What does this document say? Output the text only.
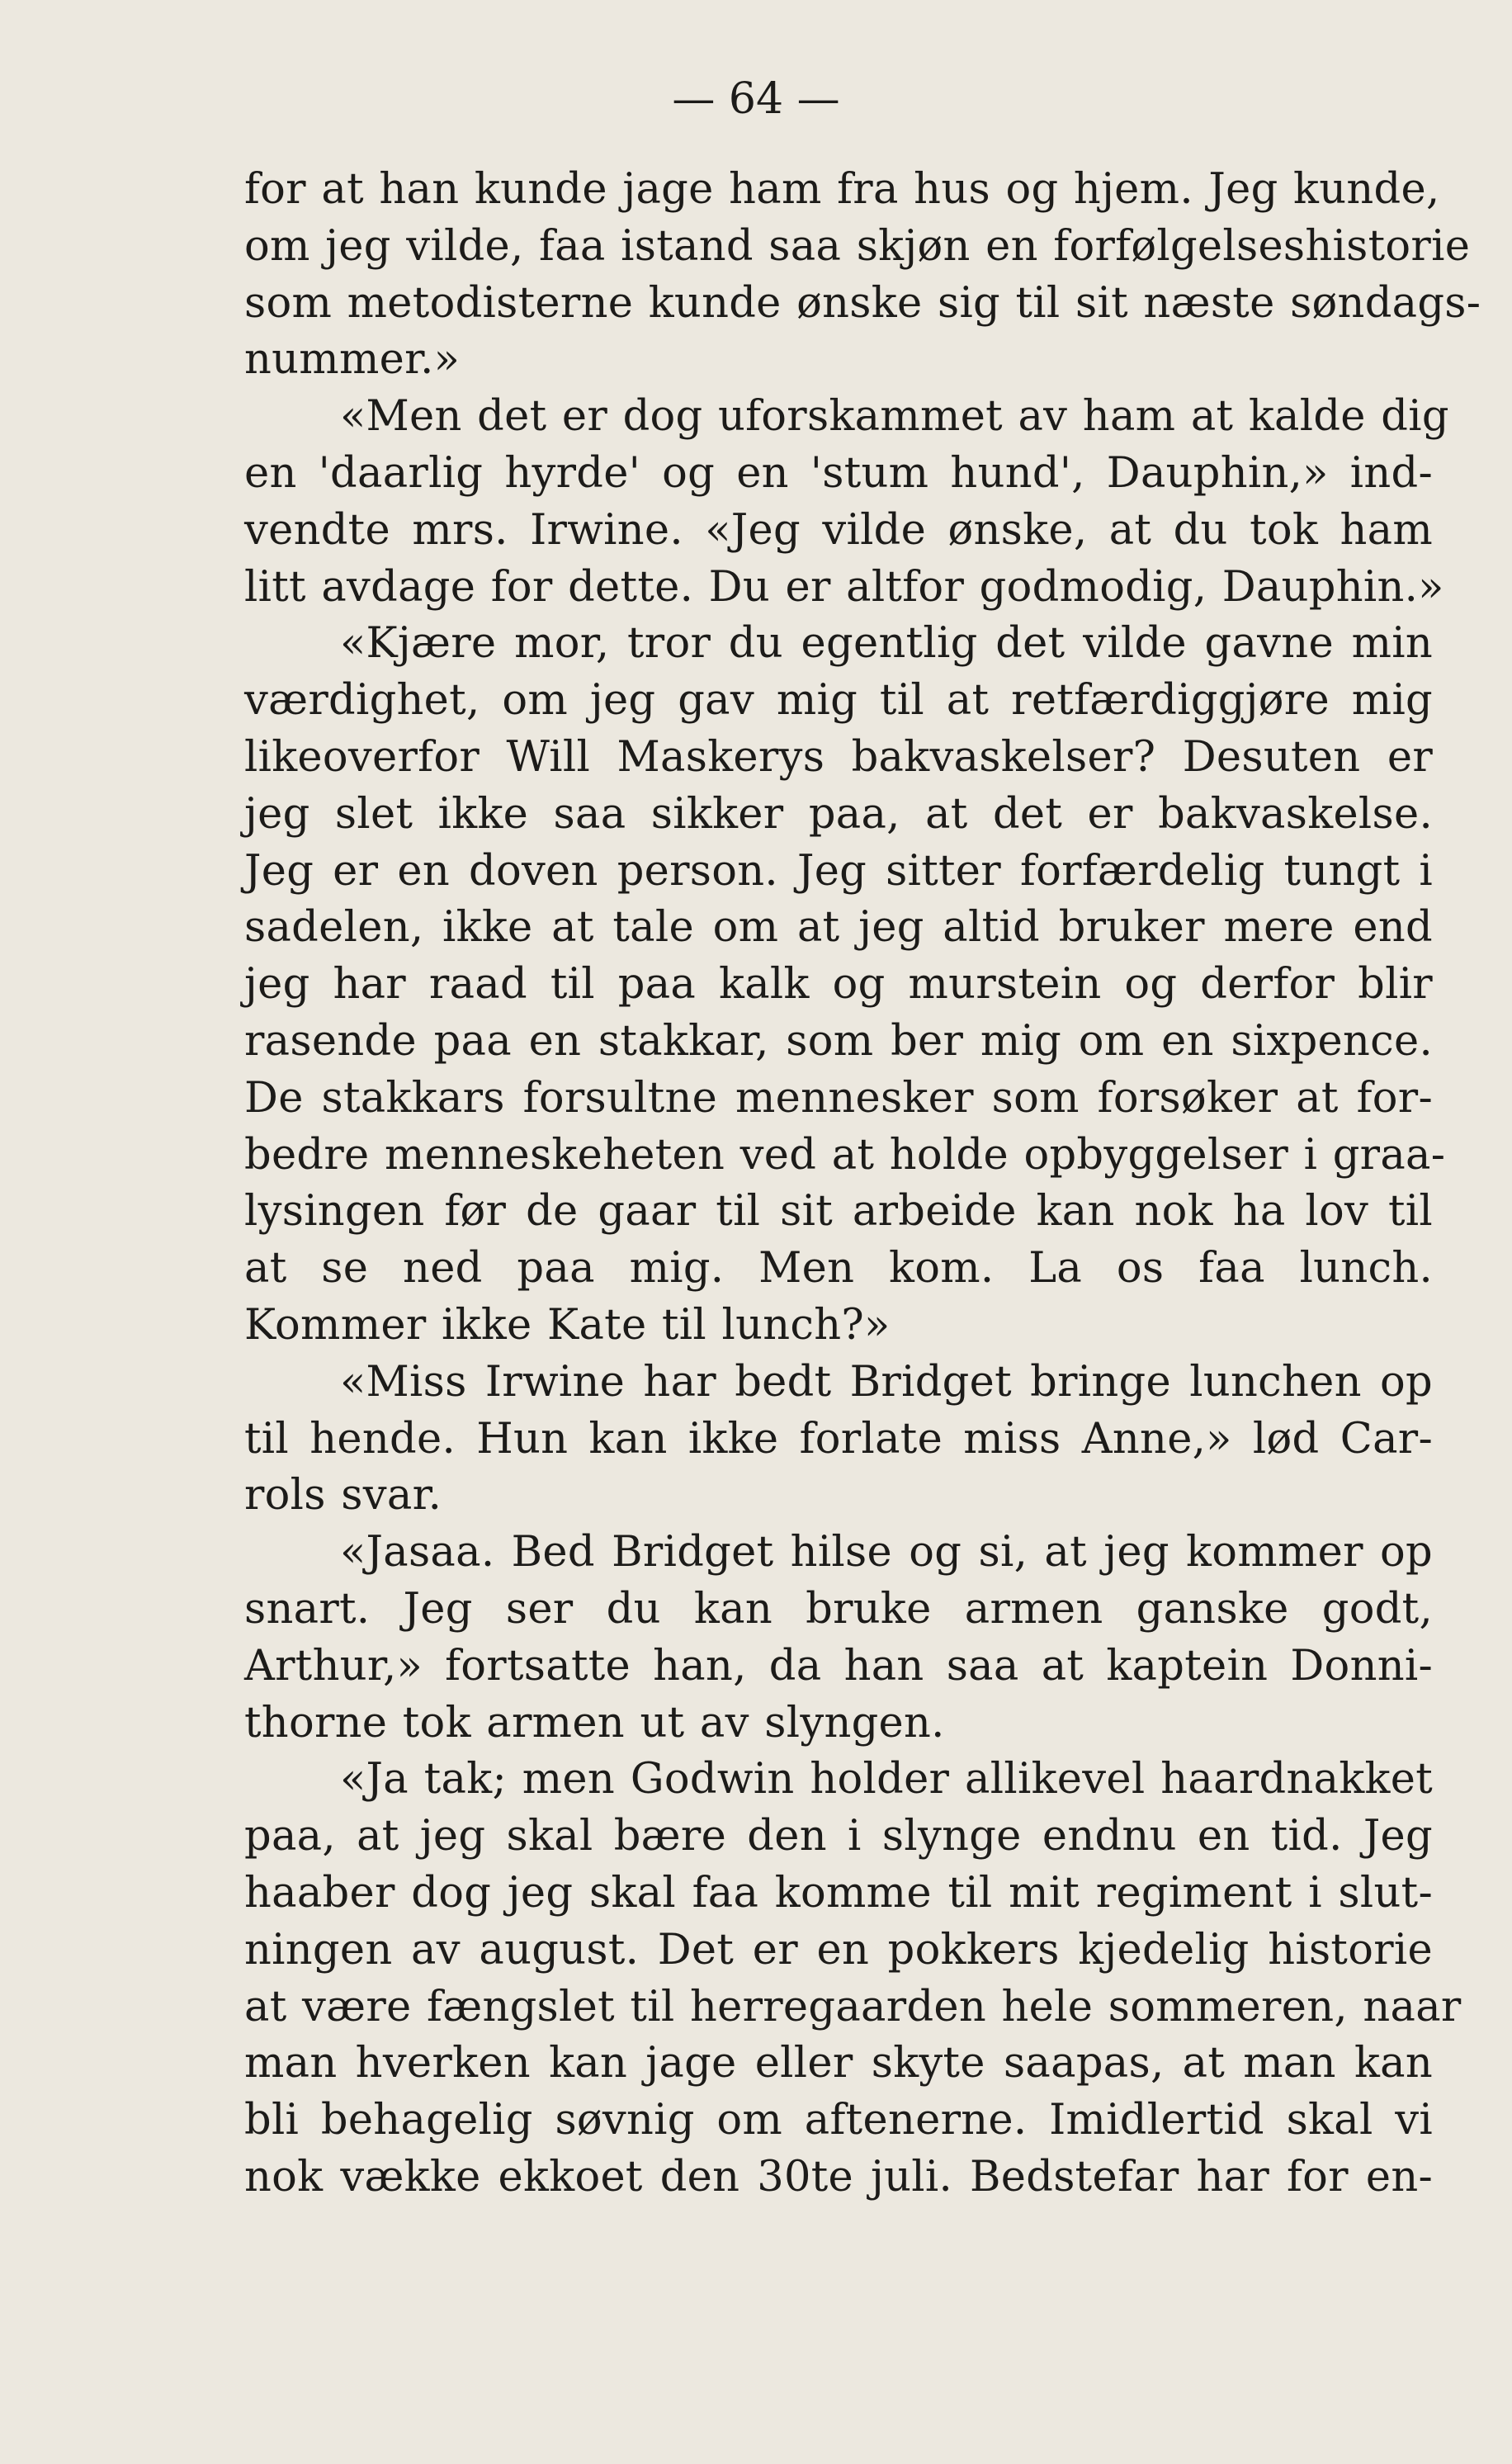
— 64 —
for at han kunde jage ham fra hus og hjem. Jeg kunde,
om jeg vilde, faa istand saa skjøn en forfølgelseshistorie
som metodisterne kunde ønske sig til sit næste søndags-
nummer.»
«Men det er dog uforskammet av ham at kalde dig
en 'daarlig hyrde' og en 'stum hund', Dauphin,» ind-
vendte mrs. Irwine. «Jeg vilde ønske, at du tok ham
litt avdage for dette. Du er altfor godmodig, Dauphin.»
«Kjære mor, tror du egentlig det vilde gavne min
værdighet, om jeg gav mig til at retfærdiggjøre mig
likeoverfor Will Maskerys bakvaskelser? Desuten er
jeg slet ikke saa sikker paa, at det er bakvaskelse.
Jeg er en doven person. Jeg sitter forfærdelig tungt i
sadelen, ikke at tale om at jeg altid bruker mere end
jeg har raad til paa kalk og murstein og derfor blir
rasende paa en stakkar, som ber mig om en sixpence.
De stakkars forsultne mennesker som forsøker at for-
bedre menneskeheten ved at holde opbyggelser i graa-
lysingen før de gaar til sit arbeide kan nok ha lov til
at se ned paa mig. Men kom. La os faa lunch.
Kommer ikke Kate til lunch?»
«Miss Irwine har bedt Bridget bringe lunchen op
til hende. Hun kan ikke forlate miss Anne,» lød Car-
rols svar.
«Jasaa. Bed Bridget hilse og si, at jeg kommer op
snart. Jeg ser du kan bruke armen ganske godt,
Arthur,» fortsatte han, da han saa at kaptein Donni-
thorne tok armen ut av slyngen.
«Ja tak; men Godwin holder allikevel haardnakket
paa, at jeg skal bære den i slynge endnu en tid. Jeg
haaber dog jeg skal faa komme til mit regiment i slut-
ningen av august. Det er en pokkers kjedelig historie
at være fængslet til herregaarden hele sommeren, naar
man hverken kan jage eller skyte saapas, at man kan
bli behagelig søvnig om aftenerne. Imidlertid skal vi
nok vække ekkoet den 30te juli. Bedstefar har for en-
